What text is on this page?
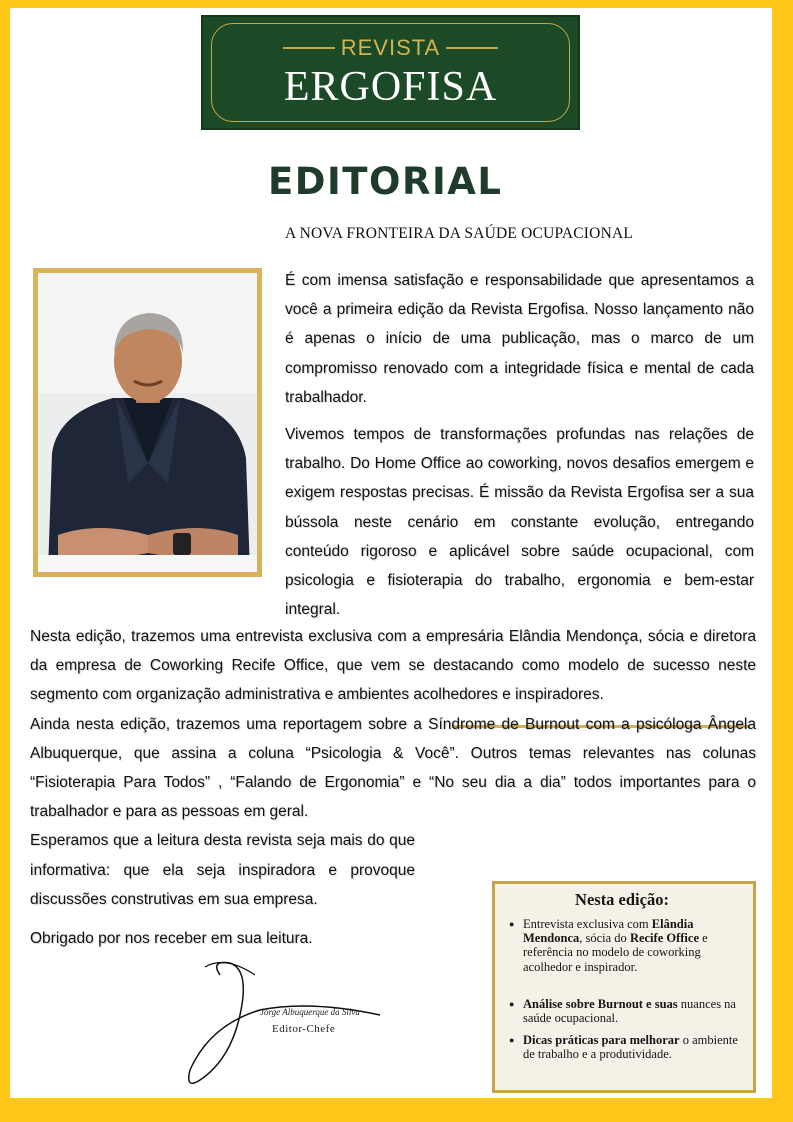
REVISTA
ERGOFISA
EDITORIAL
A NOVA FRONTEIRA DA SAÚDE OCUPACIONAL

É com imensa satisfação e responsabilidade que apresentamos a você a primeira edição da Revista Ergofisa. Nosso lançamento não é apenas o início de uma publicação, mas o marco de um compromisso renovado com a integridade física e mental de cada trabalhador.

Vivemos tempos de transformações profundas nas relações de trabalho. Do Home Office ao coworking, novos desafios emergem e exigem respostas precisas. É missão da Revista Ergofisa ser a sua bússola neste cenário em constante evolução, entregando conteúdo rigoroso e aplicável sobre saúde ocupacional, com psicologia e fisioterapia do trabalho, ergonomia e bem-estar integral.

Nesta edição, trazemos uma entrevista exclusiva com a empresária Elândia Mendonça, sócia e diretora da empresa de Coworking Recife Office, que vem se destacando como modelo de sucesso neste segmento com organização administrativa e ambientes acolhedores e inspiradores.

Ainda nesta edição, trazemos uma reportagem sobre a Síndrome de Burnout com a psicóloga Ângela Albuquerque, que assina a coluna “Psicologia & Você”. Outros temas relevantes nas colunas “Fisioterapia Para Todos” , “Falando de Ergonomia” e “No seu dia a dia” todos importantes para o trabalhador e para as pessoas em geral.

Esperamos que a leitura desta revista seja mais do que informativa: que ela seja inspiradora e provoque discussões construtivas em sua empresa.

Obrigado por nos receber em sua leitura.

Jorge Albuquerque da Silva
Editor-Chefe
Nesta edição:
● Entrevista exclusiva com Elândia Mendonca, sócia do Recife Office e referência no modelo de coworking acolhedor e inspirador.
● Análise sobre Burnout e suas nuances na saúde ocupacional.
● Dicas práticas para melhorar o ambiente de trabalho e a produtividade.
